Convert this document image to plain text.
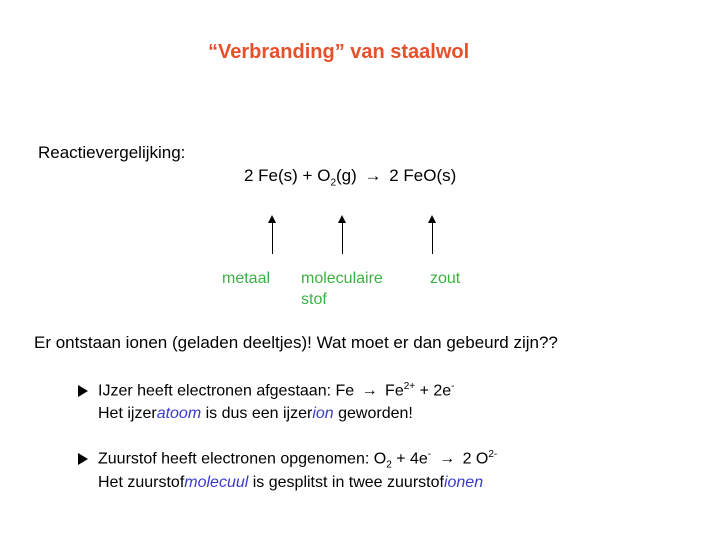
“Verbranding” van staalwol
Reactievergelijking:
2 $Fe(s) + O_2(g) \to 2$ FeO(s)
metaal moleculaire
stof
zout
Er ontstaan ionen (geladen deeltjes)! Wat moet er dan gebeurd zijn??
IJzer heeft electronen afgestaan: $Fe \to Fe^{2+} + 2e^-$
Het ijzeratoom is dus een ijzerion geworden!
Zuurstof heeft electronen opgenomen: $O_2 + 4e^- \to 2$ $O^{2-}$
Het zuurstofmolecuul is gesplitst in twee zuurstofionen
